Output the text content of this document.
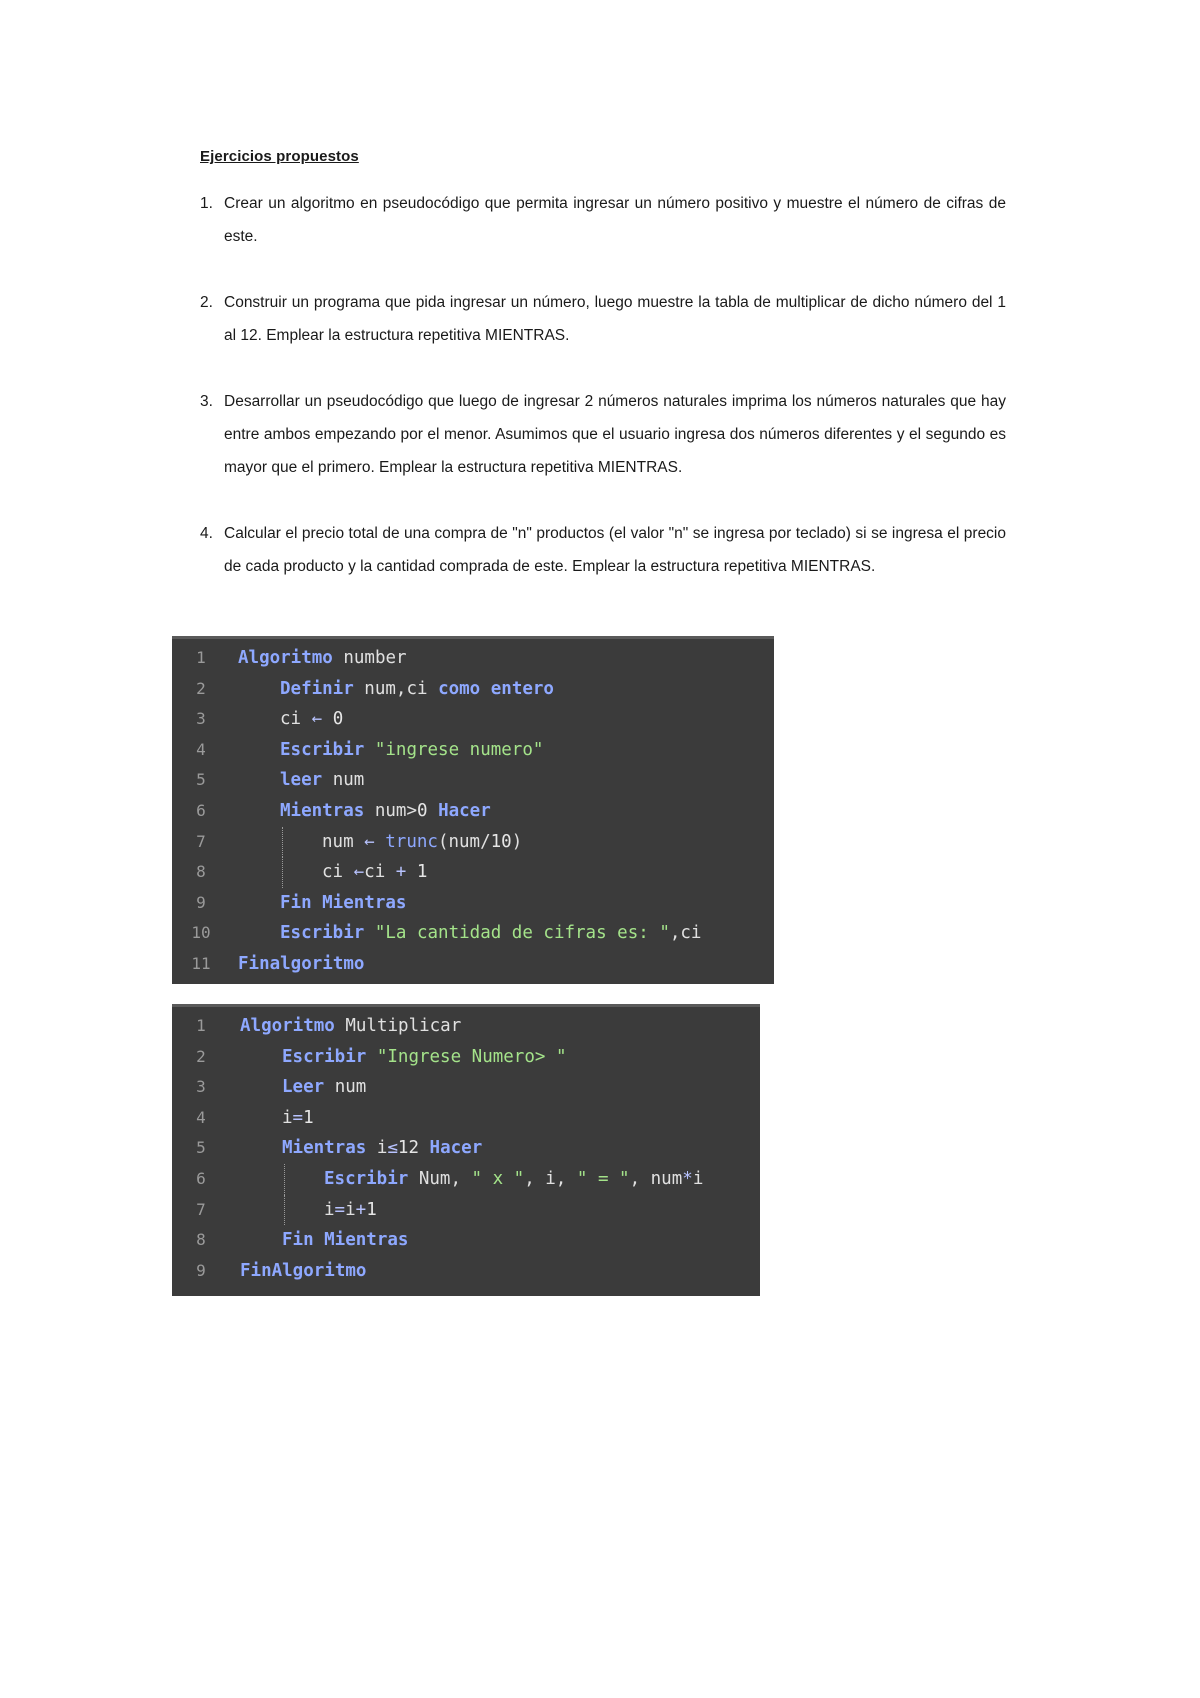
Ejercicios propuestos
1. Crear un algoritmo en pseudocódigo que permita ingresar un número positivo y muestre el número de cifras de este.
2. Construir un programa que pida ingresar un número, luego muestre la tabla de multiplicar de dicho número del 1 al 12. Emplear la estructura repetitiva MIENTRAS.
3. Desarrollar un pseudocódigo que luego de ingresar 2 números naturales imprima los números naturales que hay entre ambos empezando por el menor. Asumimos que el usuario ingresa dos números diferentes y el segundo es mayor que el primero. Emplear la estructura repetitiva MIENTRAS.
4. Calcular el precio total de una compra de "n" productos (el valor "n" se ingresa por teclado) si se ingresa el precio de cada producto y la cantidad comprada de este. Emplear la estructura repetitiva MIENTRAS.
1	Algoritmo number
2	Definir num,ci como entero
3	ci ← 0
4	Escribir "ingrese numero"
5	leer num
6	Mientras num>0 Hacer
7	num ← trunc(num/10)
8	ci ←ci + 1
9	Fin Mientras
10	Escribir "La cantidad de cifras es: ",ci
11	Finalgoritmo
1	Algoritmo Multiplicar
2	Escribir "Ingrese Numero> "
3	Leer num
4	i=1
5	Mientras i≤12 Hacer
6	Escribir Num, " x ", i, " = ", num*i
7	i=i+1
8	Fin Mientras
9	FinAlgoritmo
